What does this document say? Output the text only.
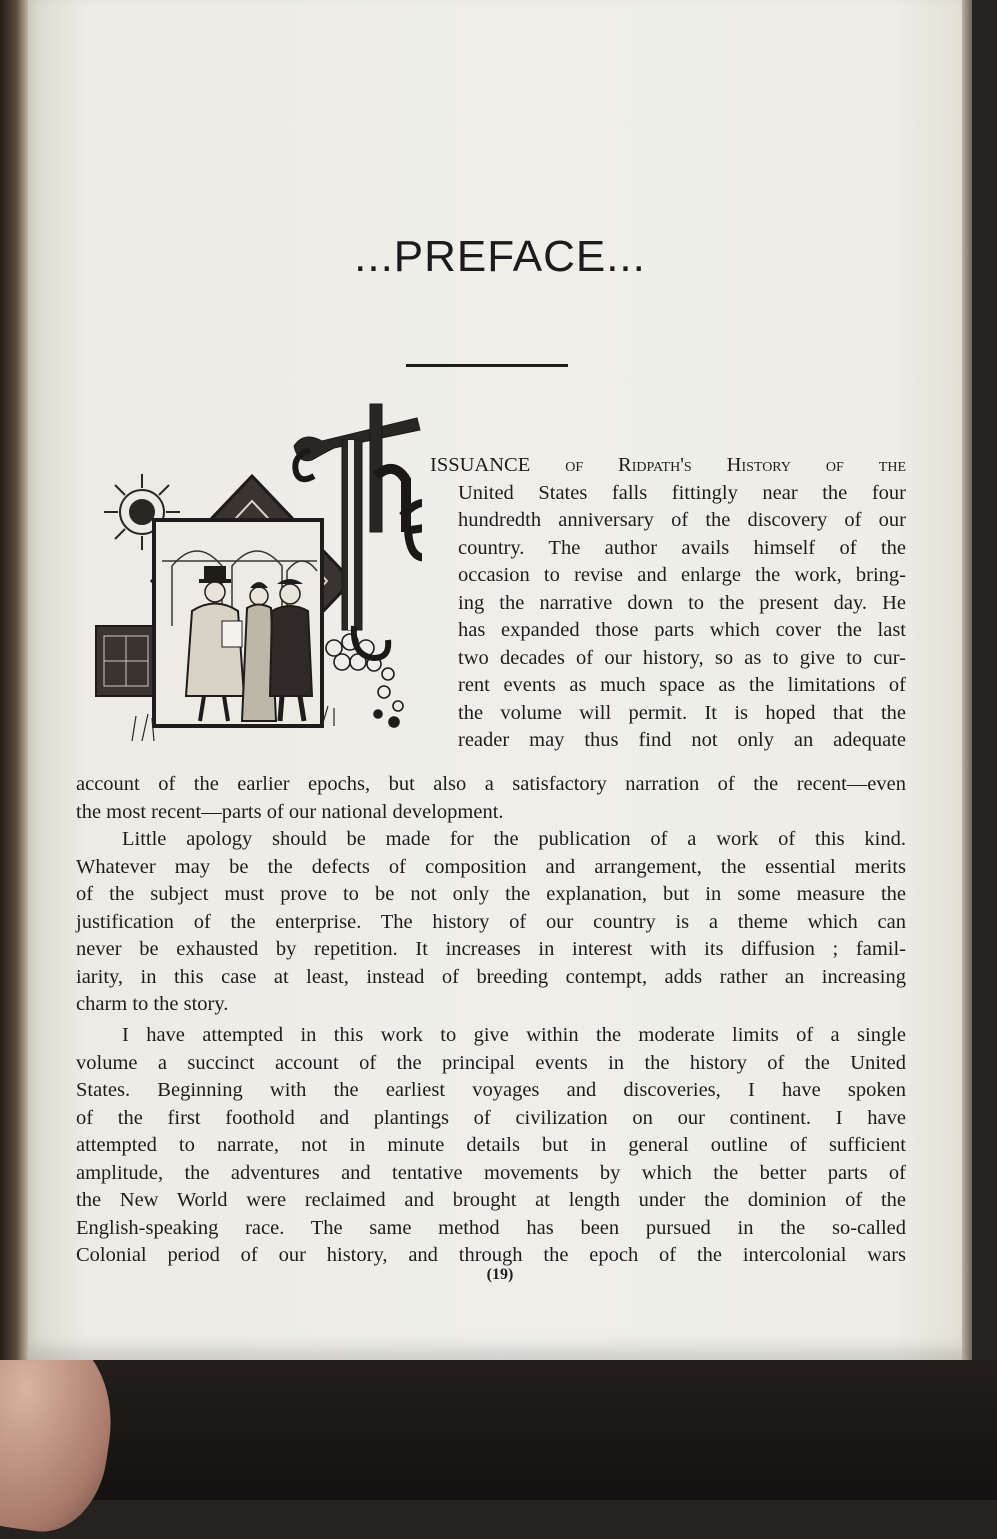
...PREFACE...
ISSUANCE of Ridpath's History of the
United States falls fittingly near the four
hundredth anniversary of the discovery of our
country. The author avails himself of the
occasion to revise and enlarge the work, bring-
ing the narrative down to the present day. He
has expanded those parts which cover the last
two decades of our history, so as to give to cur-
rent events as much space as the limitations of
the volume will permit. It is hoped that the
reader may thus find not only an adequate
account of the earlier epochs, but also a satisfactory narration of the recent—even
the most recent—parts of our national development.
Little apology should be made for the publication of a work of this kind.
Whatever may be the defects of composition and arrangement, the essential merits
of the subject must prove to be not only the explanation, but in some measure the
justification of the enterprise. The history of our country is a theme which can
never be exhausted by repetition. It increases in interest with its diffusion ; famil-
iarity, in this case at least, instead of breeding contempt, adds rather an increasing
charm to the story.
I have attempted in this work to give within the moderate limits of a single
volume a succinct account of the principal events in the history of the United
States. Beginning with the earliest voyages and discoveries, I have spoken
of the first foothold and plantings of civilization on our continent. I have
attempted to narrate, not in minute details but in general outline of sufficient
amplitude, the adventures and tentative movements by which the better parts of
the New World were reclaimed and brought at length under the dominion of the
English-speaking race. The same method has been pursued in the so-called
Colonial period of our history, and through the epoch of the intercolonial wars
(19)
